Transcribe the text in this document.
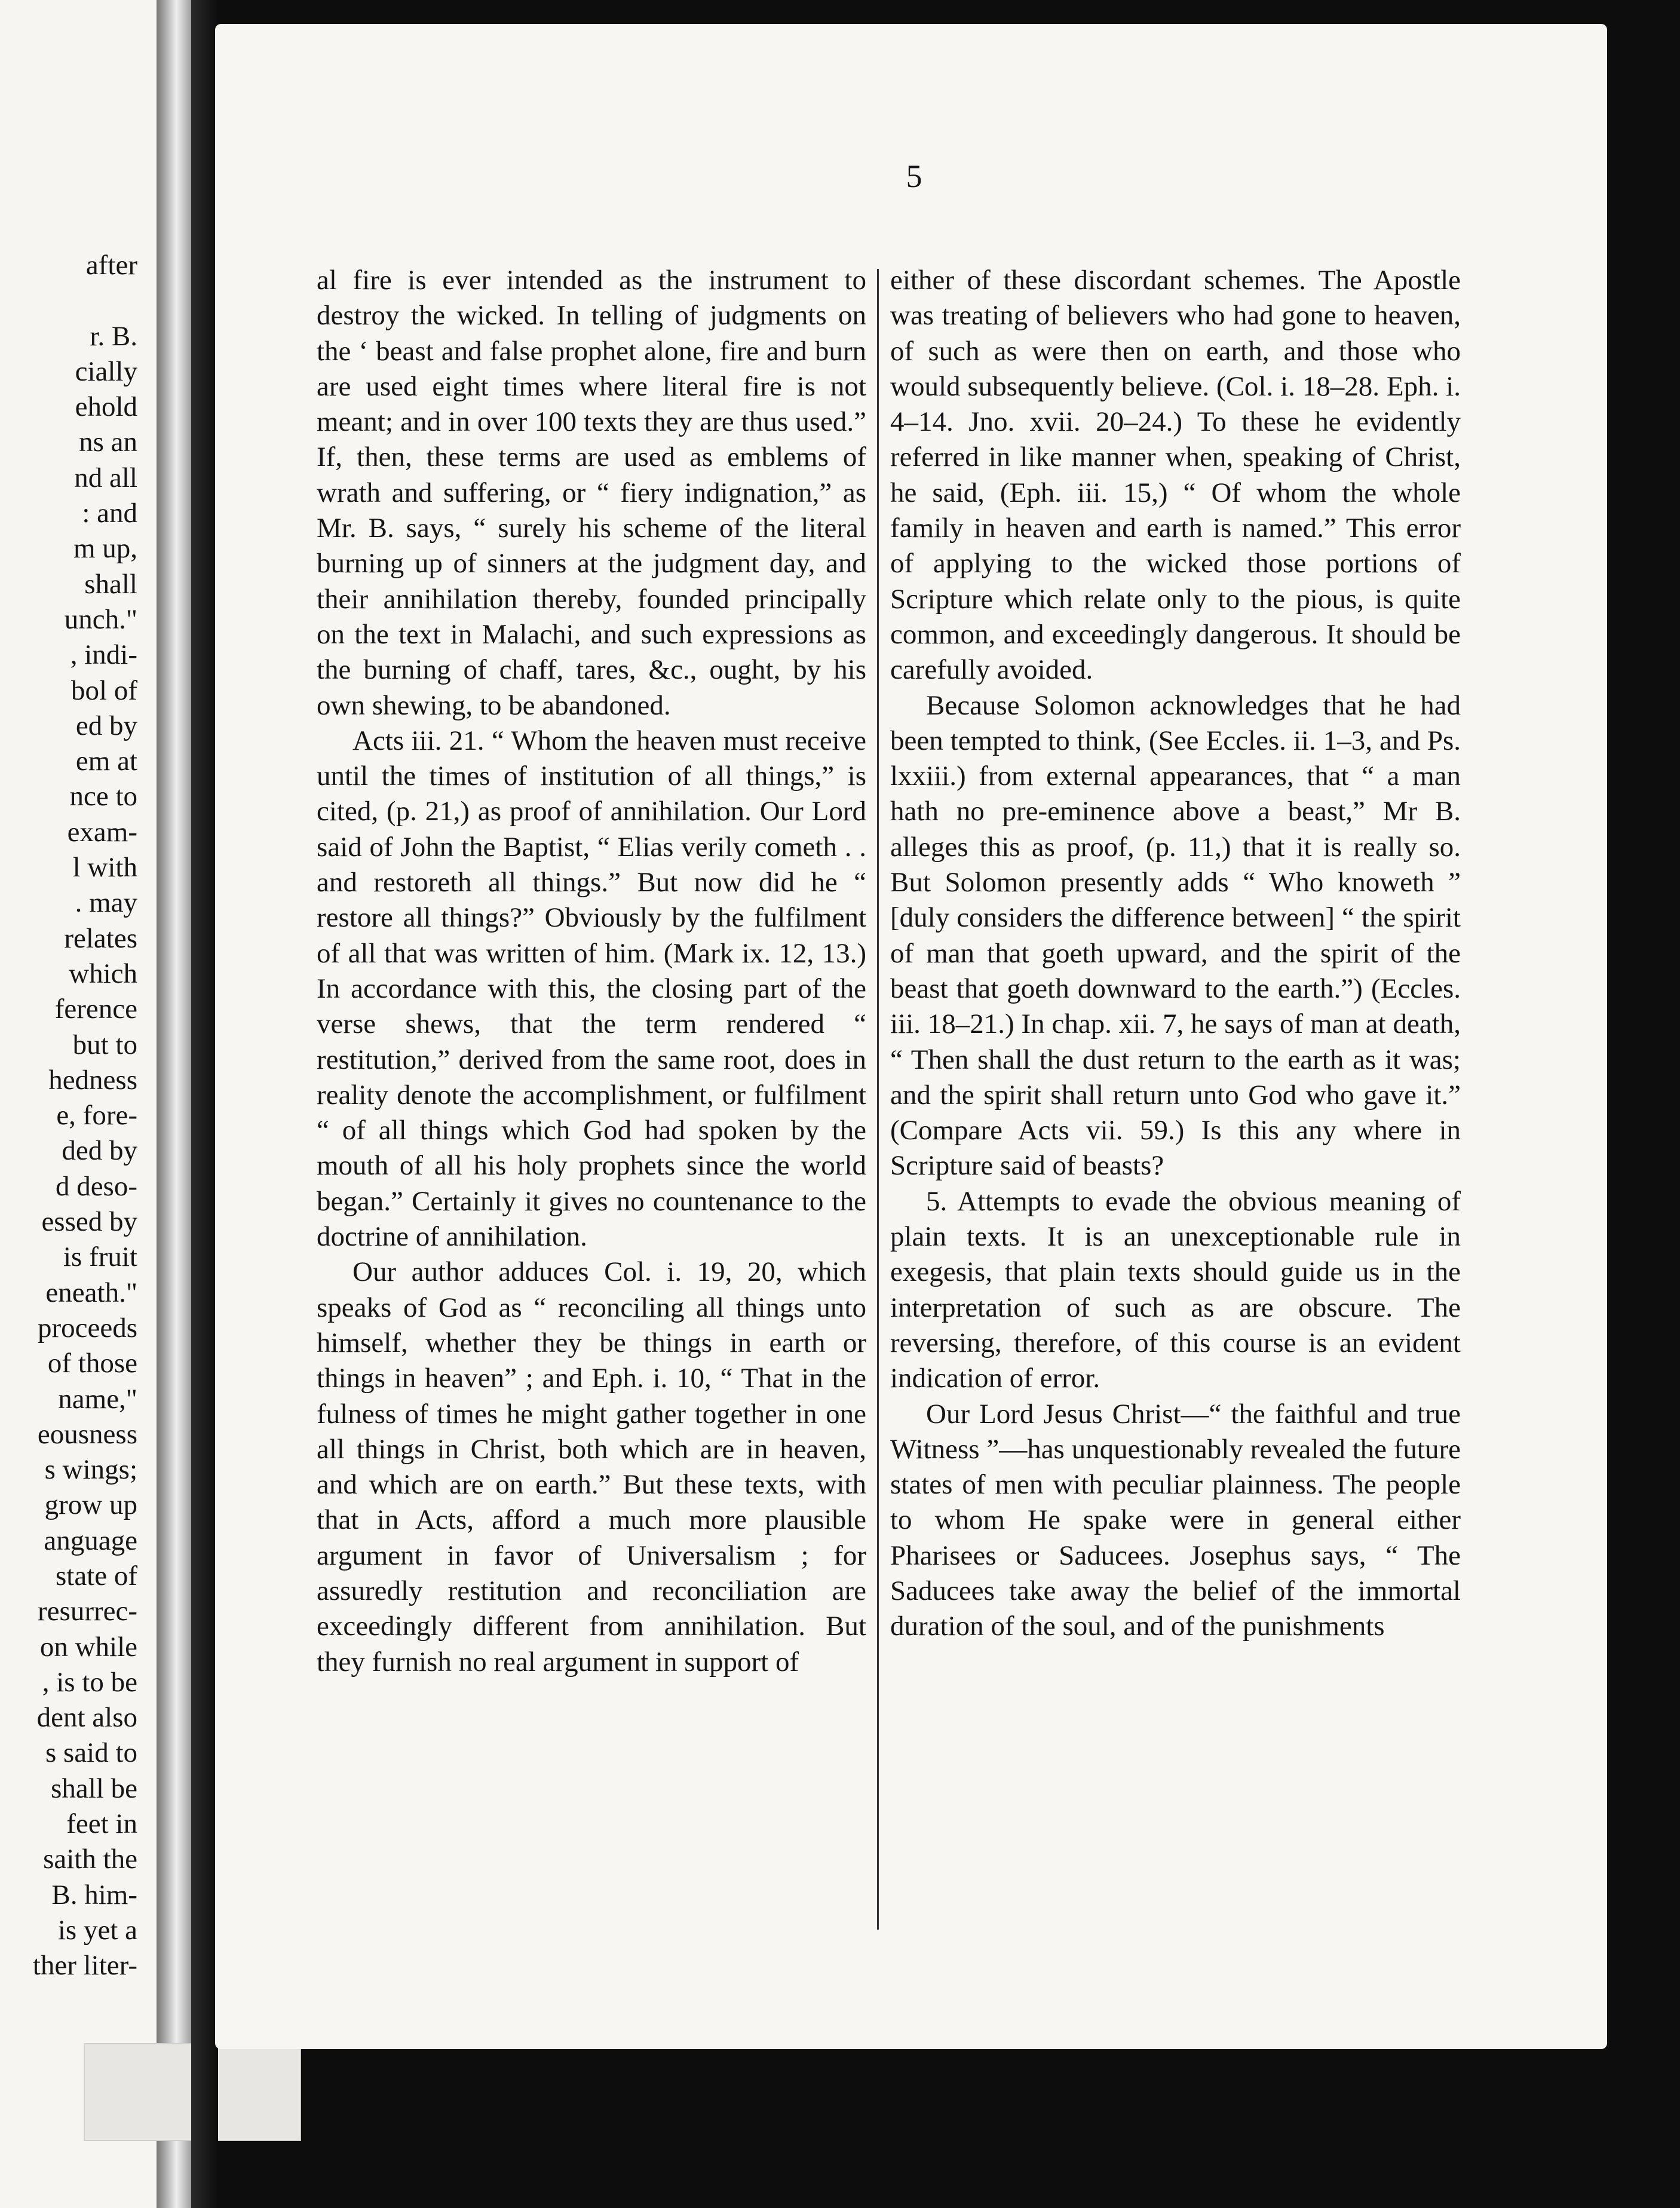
after
r. B.
cially
ehold
ns an
nd all
: and
m up,
shall
unch."
, indi-
bol of
ed by
em at
nce to
exam-
l with
. may
relates
which
ference
but to
hedness
e, fore-
ded by
d deso-
essed by
is fruit
eneath."
proceeds
of those
name,"
eousness
s wings;
grow up
anguage
state of
resurrec-
on while
, is to be
dent also
s said to
shall be
feet in
saith the
B. him-
is yet a
ther liter-
5

al fire is ever intended as the instrument to destroy the wicked. In telling of judgments on the ‘ beast and false prophet alone, fire and burn are used eight times where literal fire is not meant; and in over 100 texts they are thus used.” If, then, these terms are used as emblems of wrath and suffering, or “ fiery indignation,” as Mr. B. says, “ surely his scheme of the literal burning up of sinners at the judgment day, and their annihilation thereby, founded principally on the text in Malachi, and such expressions as the burning of chaff, tares, &c., ought, by his own shewing, to be abandoned.

Acts iii. 21. “ Whom the heaven must receive until the times of institution of all things,” is cited, (p. 21,) as proof of annihilation. Our Lord said of John the Baptist, “ Elias verily cometh . . and restoreth all things.” But now did he “ restore all things?” Obviously by the fulfilment of all that was written of him. (Mark ix. 12, 13.) In accordance with this, the closing part of the verse shews, that the term rendered “ restitution,” derived from the same root, does in reality denote the accomplishment, or fulfilment “ of all things which God had spoken by the mouth of all his holy prophets since the world began.” Certainly it gives no countenance to the doctrine of annihilation.

Our author adduces Col. i. 19, 20, which speaks of God as “ reconciling all things unto himself, whether they be things in earth or things in heaven” ; and Eph. i. 10, “ That in the fulness of times he might gather together in one all things in Christ, both which are in heaven, and which are on earth.” But these texts, with that in Acts, afford a much more plausible argument in favor of Universalism ; for assuredly restitution and reconciliation are exceedingly different from annihilation. But they furnish no real argument in support of

either of these discordant schemes. The Apostle was treating of believers who had gone to heaven, of such as were then on earth, and those who would subsequently believe. (Col. i. 18–28. Eph. i. 4–14. Jno. xvii. 20–24.) To these he evidently referred in like manner when, speaking of Christ, he said, (Eph. iii. 15,) “ Of whom the whole family in heaven and earth is named.” This error of applying to the wicked those portions of Scripture which relate only to the pious, is quite common, and exceedingly dangerous. It should be carefully avoided.

Because Solomon acknowledges that he had been tempted to think, (See Eccles. ii. 1–3, and Ps. lxxiii.) from external appearances, that “ a man hath no pre-eminence above a beast,” Mr B. alleges this as proof, (p. 11,) that it is really so. But Solomon presently adds “ Who knoweth ” [duly considers the difference between] “ the spirit of man that goeth upward, and the spirit of the beast that goeth downward to the earth.”) (Eccles. iii. 18–21.) In chap. xii. 7, he says of man at death, “ Then shall the dust return to the earth as it was; and the spirit shall return unto God who gave it.” (Compare Acts vii. 59.) Is this any where in Scripture said of beasts?

5. Attempts to evade the obvious meaning of plain texts. It is an unexceptionable rule in exegesis, that plain texts should guide us in the interpretation of such as are obscure. The reversing, therefore, of this course is an evident indication of error.

Our Lord Jesus Christ—“ the faithful and true Witness ”—has unquestionably revealed the future states of men with peculiar plainness. The people to whom He spake were in general either Pharisees or Saducees. Josephus says, “ The Saducees take away the belief of the immortal duration of the soul, and of the punishments
